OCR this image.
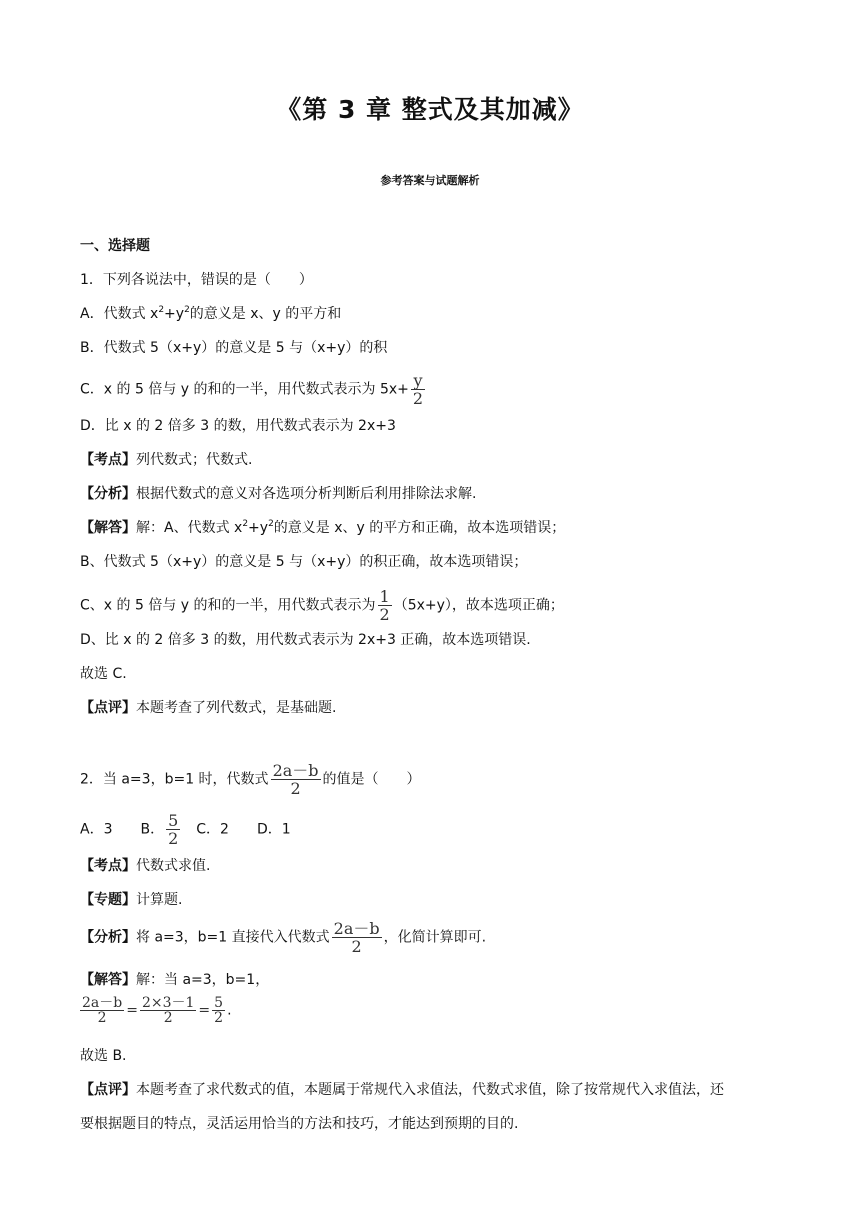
《第 3 章 整式及其加减》
参考答案与试题解析
一、选择题
1．下列各说法中，错误的是（　　）
A．代数式 $x^2+y^2$的意义是 x、y 的平方和
B．代数式 5（x+y）的意义是 5 与（x+y）的积
C．x 的 5 倍与 y 的和的一半，用代数式表示为 $5x+ \frac{y}{2}$
D．比 x 的 2 倍多 3 的数，用代数式表示为 2x+3
【考点】列代数式；代数式.
【分析】根据代数式的意义对各选项分析判断后利用排除法求解.
【解答】解：A、代数式 $x^2+y^2$的意义是 x、y 的平方和正确，故本选项错误；
B、代数式 5（x+y）的意义是 5 与（x+y）的积正确，故本选项错误；
C、x 的 5 倍与 y 的和的一半，用代数式表示为 $\frac{1}{2} (5x+y)$，故本选项正确；
D、比 x 的 2 倍多 3 的数，用代数式表示为 2x+3 正确，故本选项错误.
故选 C.
【点评】本题考查了列代数式，是基础题.
2．当 a=3，b=1 时，代数式 $\frac{2a-b}{2}$ 的值是（　　）
A．3　　B． $\frac{5}{2}$ 　C．2　　D．1
【考点】代数式求值.
【专题】计算题.
【分析】将 a=3，b=1 直接代入代数式 $\frac{2a-b}{2}$ ，化简计算即可.
【解答】解：当 a=3，b=1，
$\frac{2a-b}{2} = \frac{2\times 3-1}{2} = \frac{5}{2}$ .
故选 B.
【点评】本题考查了求代数式的值，本题属于常规代入求值法，代数式求值，除了按常规代入求值法，还
要根据题目的特点，灵活运用恰当的方法和技巧，才能达到预期的目的.
